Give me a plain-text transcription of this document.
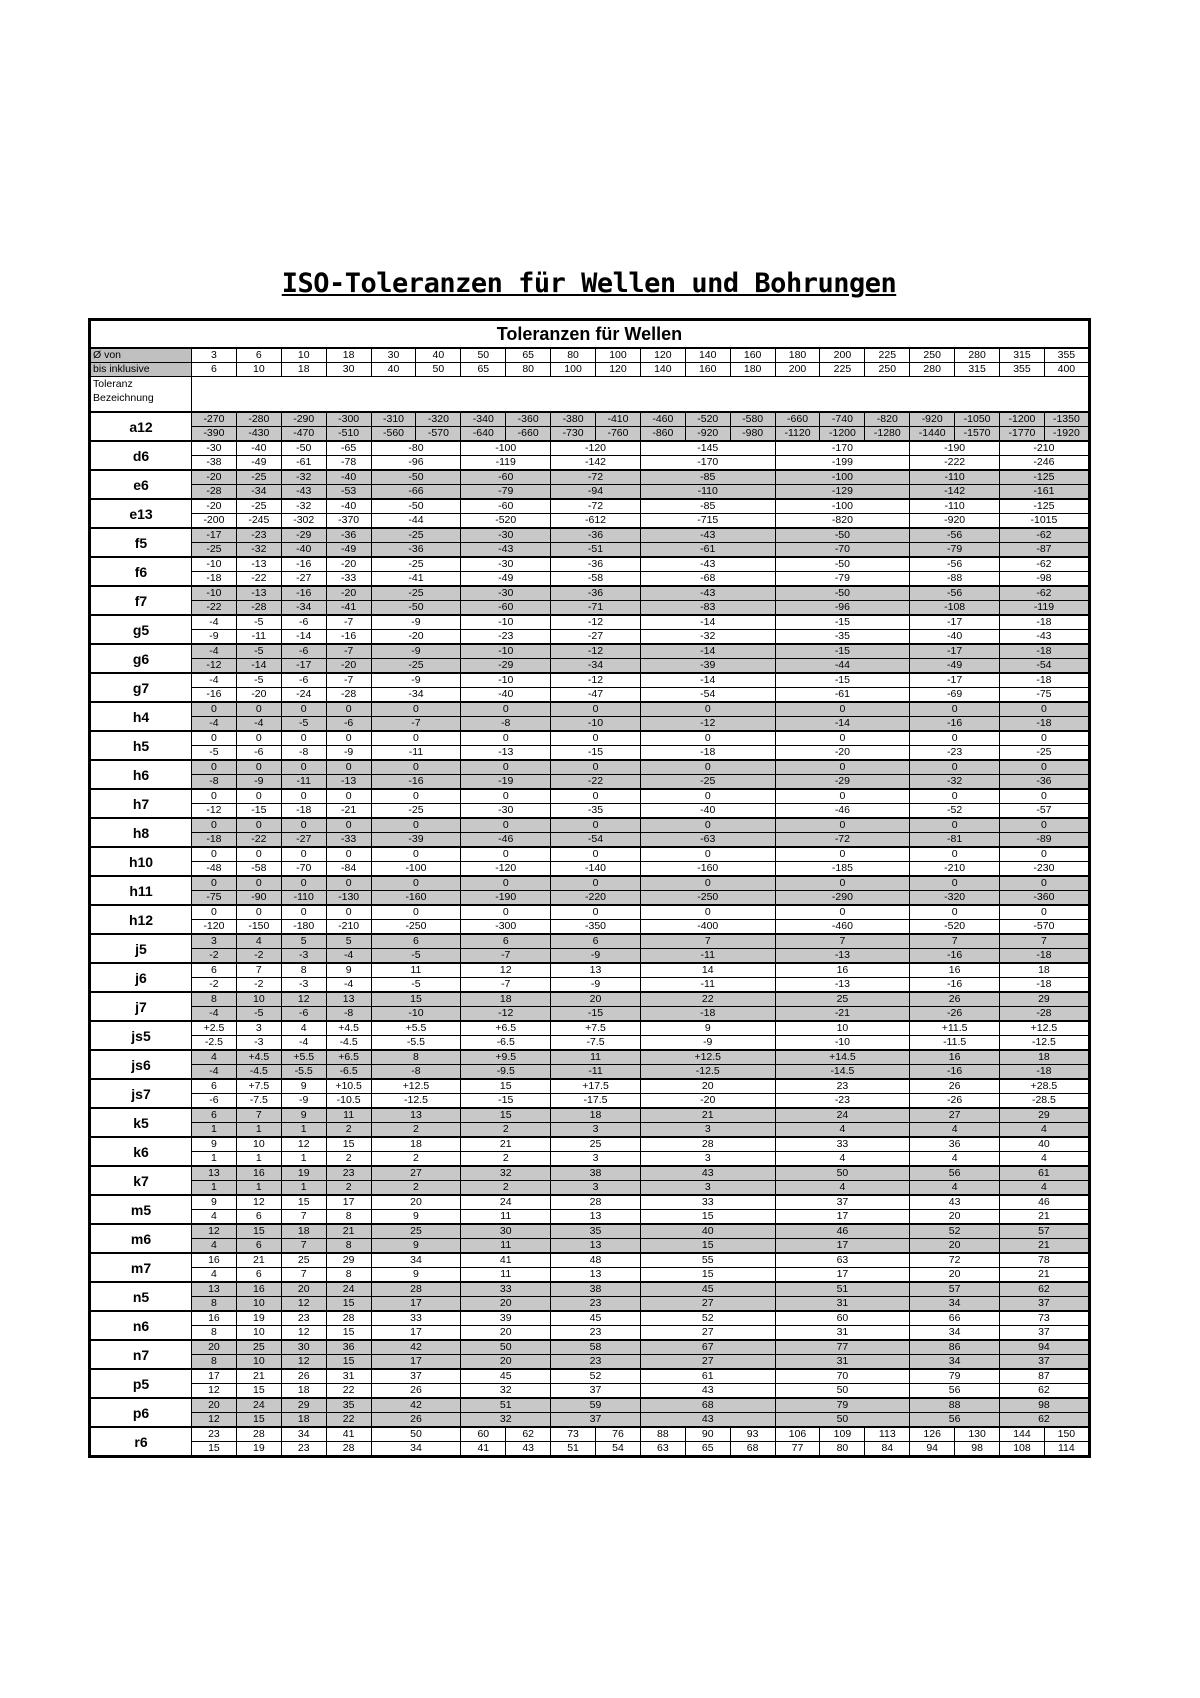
ISO-Toleranzen für Wellen und Bohrungen
Toleranzen für Wellen																				
Ø von	3	6	10	18	30	40	50	65	80	100	120	140	160	180	200	225	250	280	315	355
bis inklusive	6	10	18	30	40	50	65	80	100	120	140	160	180	200	225	250	280	315	355	400
Toleranz Bezeichnung																				
a12	-270	-280	-290	-300	-310	-320	-340	-360	-380	-410	-460	-520	-580	-660	-740	-820	-920	-1050	-1200	-1350
	-390	-430	-470	-510	-560	-570	-640	-660	-730	-760	-860	-920	-980	-1120	-1200	-1280	-1440	-1570	-1770	-1920
d6	-30	-40	-50	-65	-80		-100		-120		-145			-170			-190		-210	
	-38	-49	-61	-78	-96		-119		-142		-170			-199			-222		-246	
e6	-20	-25	-32	-40	-50		-60		-72		-85			-100			-110		-125	
	-28	-34	-43	-53	-66		-79		-94		-110			-129			-142		-161	
e13	-20	-25	-32	-40	-50		-60		-72		-85			-100			-110		-125	
	-200	-245	-302	-370	-44		-520		-612		-715			-820			-920		-1015	
f5	-17	-23	-29	-36	-25		-30		-36		-43			-50			-56		-62	
	-25	-32	-40	-49	-36		-43		-51		-61			-70			-79		-87	
f6	-10	-13	-16	-20	-25		-30		-36		-43			-50			-56		-62	
	-18	-22	-27	-33	-41		-49		-58		-68			-79			-88		-98	
f7	-10	-13	-16	-20	-25		-30		-36		-43			-50			-56		-62	
	-22	-28	-34	-41	-50		-60		-71		-83			-96			-108		-119	
g5	-4	-5	-6	-7	-9		-10		-12		-14			-15			-17		-18	
	-9	-11	-14	-16	-20		-23		-27		-32			-35			-40		-43	
g6	-4	-5	-6	-7	-9		-10		-12		-14			-15			-17		-18	
	-12	-14	-17	-20	-25		-29		-34		-39			-44			-49		-54	
g7	-4	-5	-6	-7	-9		-10		-12		-14			-15			-17		-18	
	-16	-20	-24	-28	-34		-40		-47		-54			-61			-69		-75	
h4	0	0	0	0	0		0		0		0			0			0		0	
	-4	-4	-5	-6	-7		-8		-10		-12			-14			-16		-18	
h5	0	0	0	0	0		0		0		0			0			0		0	
	-5	-6	-8	-9	-11		-13		-15		-18			-20			-23		-25	
h6	0	0	0	0	0		0		0		0			0			0		0	
	-8	-9	-11	-13	-16		-19		-22		-25			-29			-32		-36	
h7	0	0	0	0	0		0		0		0			0			0		0	
	-12	-15	-18	-21	-25		-30		-35		-40			-46			-52		-57	
h8	0	0	0	0	0		0		0		0			0			0		0	
	-18	-22	-27	-33	-39		-46		-54		-63			-72			-81		-89	
h10	0	0	0	0	0		0		0		0			0			0		0	
	-48	-58	-70	-84	-100		-120		-140		-160			-185			-210		-230	
h11	0	0	0	0	0		0		0		0			0			0		0	
	-75	-90	-110	-130	-160		-190		-220		-250			-290			-320		-360	
h12	0	0	0	0	0		0		0		0			0			0		0	
	-120	-150	-180	-210	-250		-300		-350		-400			-460			-520		-570	
j5	3	4	5	5	6		6		6		7			7			7		7	
	-2	-2	-3	-4	-5		-7		-9		-11			-13			-16		-18	
j6	6	7	8	9	11		12		13		14			16			16		18	
	-2	-2	-3	-4	-5		-7		-9		-11			-13			-16		-18	
j7	8	10	12	13	15		18		20		22			25			26		29	
	-4	-5	-6	-8	-10		-12		-15		-18			-21			-26		-28	
js5	+2.5	3	4	+4.5	+5.5		+6.5		+7.5		9			10			+11.5		+12.5	
	-2.5	-3	-4	-4.5	-5.5		-6.5		-7.5		-9			-10			-11.5		-12.5	
js6	4	+4.5	+5.5	+6.5	8		+9.5		11		+12.5			+14.5			16		18	
	-4	-4.5	-5.5	-6.5	-8		-9.5		-11		-12.5			-14.5			-16		-18	
js7	6	+7.5	9	+10.5	+12.5		15		+17.5		20			23			26		+28.5	
	-6	-7.5	-9	-10.5	-12.5		-15		-17.5		-20			-23			-26		-28.5	
k5	6	7	9	11	13		15		18		21			24			27		29	
	1	1	1	2	2		2		3		3			4			4		4	
k6	9	10	12	15	18		21		25		28			33			36		40	
	1	1	1	2	2		2		3		3			4			4		4	
k7	13	16	19	23	27		32		38		43			50			56		61	
	1	1	1	2	2		2		3		3			4			4		4	
m5	9	12	15	17	20		24		28		33			37			43		46	
	4	6	7	8	9		11		13		15			17			20		21	
m6	12	15	18	21	25		30		35		40			46			52		57	
	4	6	7	8	9		11		13		15			17			20		21	
m7	16	21	25	29	34		41		48		55			63			72		78	
	4	6	7	8	9		11		13		15			17			20		21	
n5	13	16	20	24	28		33		38		45			51			57		62	
	8	10	12	15	17		20		23		27			31			34		37	
n6	16	19	23	28	33		39		45		52			60			66		73	
	8	10	12	15	17		20		23		27			31			34		37	
n7	20	25	30	36	42		50		58		67			77			86		94	
	8	10	12	15	17		20		23		27			31			34		37	
p5	17	21	26	31	37		45		52		61			70			79		87	
	12	15	18	22	26		32		37		43			50			56		62	
p6	20	24	29	35	42		51		59		68			79			88		98	
	12	15	18	22	26		32		37		43			50			56		62	
r6	23	28	34	41	50		60	62	73	76	88	90	93	106	109	113	126	130	144	150
	15	19	23	28	34		41	43	51	54	63	65	68	77	80	84	94	98	108	114
